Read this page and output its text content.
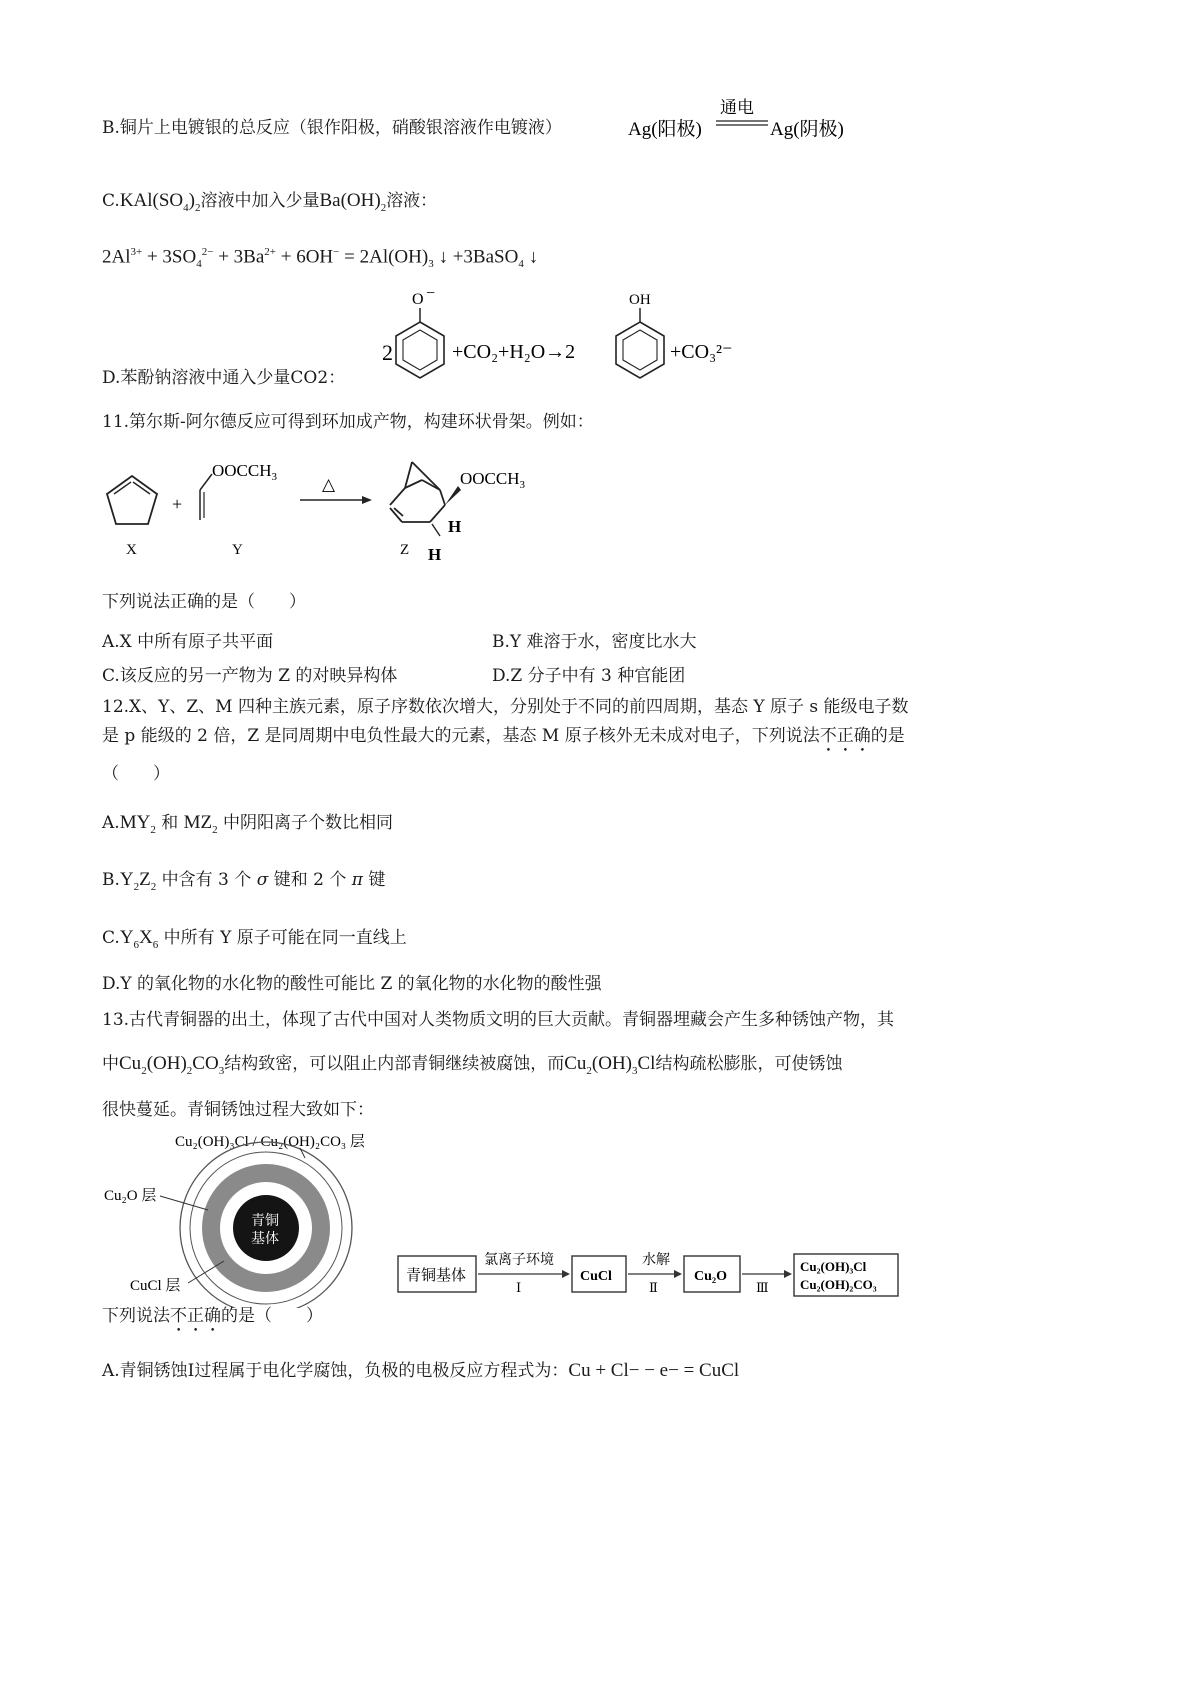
B.铜片上电镀银的总反应（银作阳极，硝酸银溶液作电镀液）	Ag(阳极)
通电
Ag(阴极)
$C.KAl(SO_4)_2$溶液中加入少量$Ba(OH)_2$溶液：
$2Al^{3+} + 3SO_4^{2-} + 3Ba^{2+} + 6OH^- = 2Al(OH)_3$ ↓ +3BaSO$_4$ ↓
D.苯酚钠溶液中通入少量CO2：
2
O −
+CO₂+H₂O→2
OH
+CO₃²⁻
11.第尔斯-阿尔德反应可得到环加成产物，构建环状骨架。例如：
X
+
$OOCCH_3$
Y
△	$OOCCH_3$
H
H
Z
下列说法正确的是（　　）
A.X 中所有原子共平面	B.Y 难溶于水，密度比水大
C.该反应的另一产物为 Z 的对映异构体	D.Z 分子中有 3 种官能团
12.X、Y、Z、M 四种主族元素，原子序数依次增大，分别处于不同的前四周期，基态 Y 原子 s 能级电子数
是 p 能级的 2 倍，Z 是同周期中电负性最大的元素，基态 M 原子核外无未成对电子，下列说法不正确的是
（　　）
$A.MY_2$ 和 $MZ_2$ 中阴阳离子个数比相同
$B.Y_2Z_2$ 中含有 3 个 σ 键和 2 个 π 键
$C.Y_6X_6$ 中所有 Y 原子可能在同一直线上
D.Y 的氧化物的水化物的酸性可能比 Z 的氧化物的水化物的酸性强
13.古代青铜器的出土，体现了古代中国对人类物质文明的巨大贡献。青铜器埋藏会产生多种锈蚀产物，其
中$Cu_2(OH)_2CO_3$结构致密，可以阻止内部青铜继续被腐蚀，而$Cu_2(OH)_3Cl$结构疏松膨胀，可使锈蚀
很快蔓延。青铜锈蚀过程大致如下：
Cu₂(OH)₃Cl / Cu₂(OH)₂CO₃ 层
青铜
基体
Cu₂O 层
CuCl 层
青铜基体
氯离子环境
Ⅰ
CuCl
水解
Ⅱ
Cu₂O
Ⅲ
Cu₂(OH)₃Cl
Cu₂(OH)₂CO₃
下列说法不正确的是（　　）
A.青铜锈蚀Ⅰ过程属于电化学腐蚀，负极的电极反应方程式为：Cu + Cl− − e− = CuCl
